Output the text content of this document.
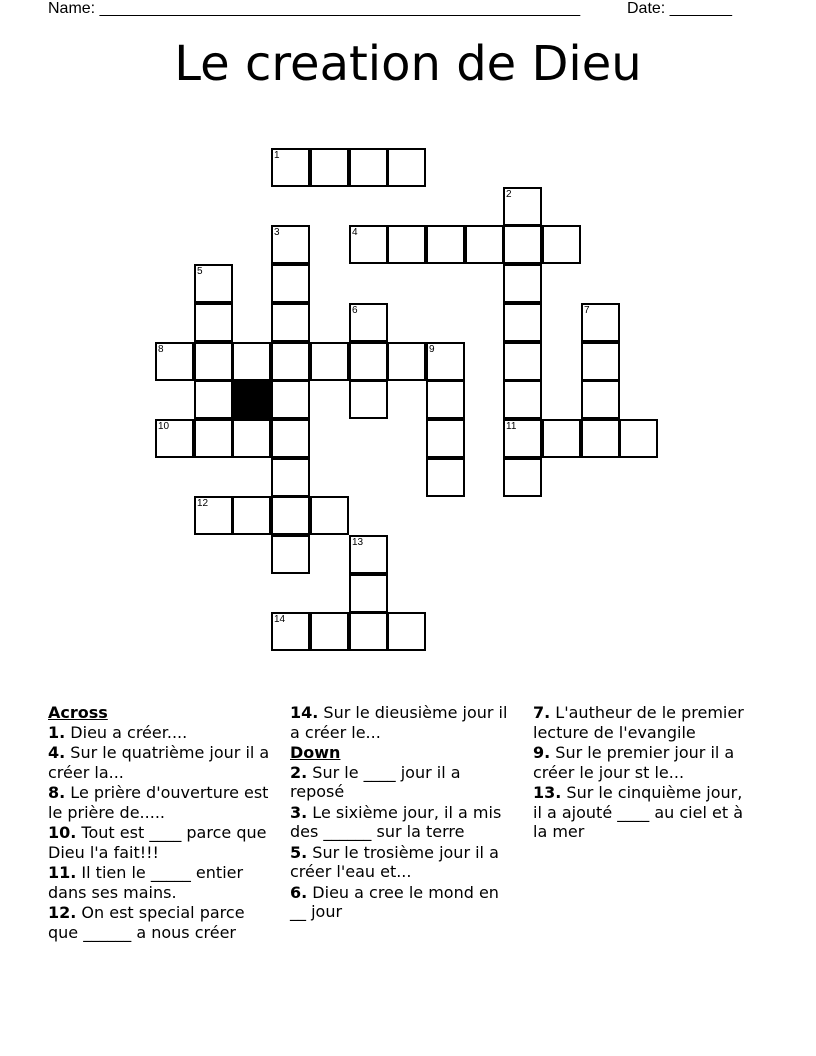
Name: ______________________________________________________	Date: _______
Le creation de Dieu
1
2
3	4
5
6	7
8	9
10	11
12
13
14
Across
1. Dieu a créer....
4. Sur le quatrième jour il a créer la...
8. Le prière d'ouverture est le prière de.....
10. Tout est ____ parce que Dieu l'a fait!!!
11. Il tien le _____ entier dans ses mains.
12. On est special parce que ______ a nous créer
14. Sur le dieusième jour il a créer le...
Down
2. Sur le ____ jour il a reposé
3. Le sixième jour, il a mis des ______ sur la terre
5. Sur le trosième jour il a créer l'eau et...
6. Dieu a cree le mond en __ jour
7. L'autheur de le premier lecture de l'evangile
9. Sur le premier jour il a créer le jour st le...
13. Sur le cinquième jour, il a ajouté ____ au ciel et à la mer
